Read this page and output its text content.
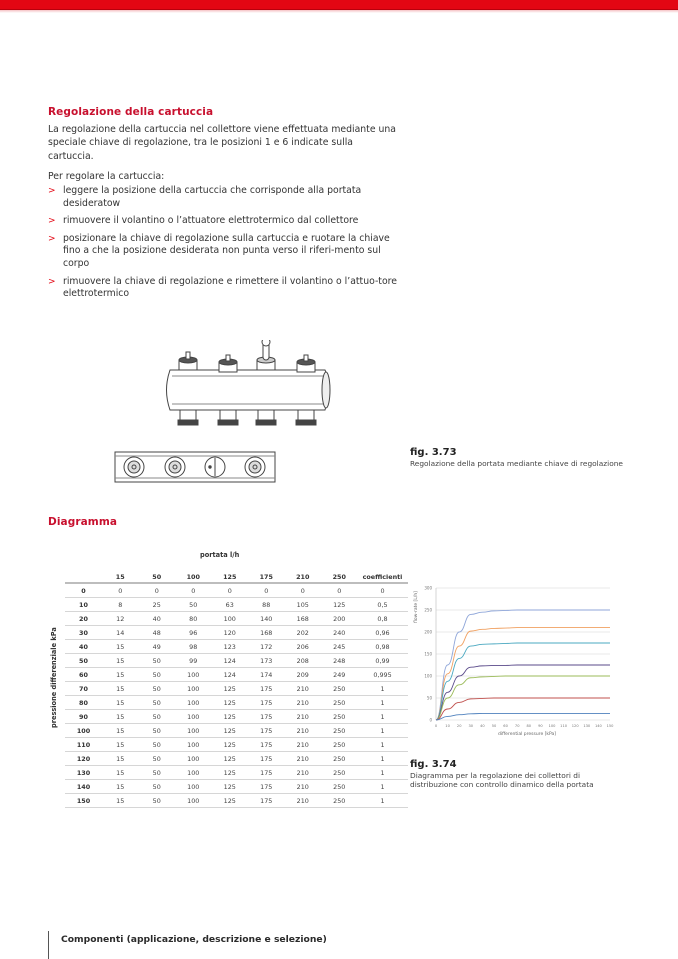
Regolazione della cartuccia

La regolazione della cartuccia nel collettore viene effettuata mediante una speciale chiave di regolazione, tra le posizioni 1 e 6 indicate sulla cartuccia.

Per regolare la cartuccia:

> leggere la posizione della cartuccia che corrisponde alla portata desideratow
> rimuovere il volantino o l’attuatore elettrotermico dal collettore
> posizionare la chiave di regolazione sulla cartuccia e ruotare la chiave fino a che la posizione desiderata non punta verso il riferi-mento sul corpo
> rimuovere la chiave di regolazione e rimettere il volantino o l’attuo-tore elettrotermico
fig. 3.73
Regolazione della portata mediante chiave di regolazione
Diagramma
portata l/h
pressione differenziale kPa
	15	50	100	125	175	210	250	coefficienti
0	0	0	0	0	0	0	0	0
10	8	25	50	63	88	105	125	0,5
20	12	40	80	100	140	168	200	0,8
30	14	48	96	120	168	202	240	0,96
40	15	49	98	123	172	206	245	0,98
50	15	50	99	124	173	208	248	0,99
60	15	50	100	124	174	209	249	0,995
70	15	50	100	125	175	210	250	1
80	15	50	100	125	175	210	250	1
90	15	50	100	125	175	210	250	1
100	15	50	100	125	175	210	250	1
110	15	50	100	125	175	210	250	1
120	15	50	100	125	175	210	250	1
130	15	50	100	125	175	210	250	1
140	15	50	100	125	175	210	250	1
150	15	50	100	125	175	210	250	1
0
50
100
150
200
250
300
0 10 20 30 40 50 60 70 80 90 100 110 120 130 140 150
flow-rate [L/h]
differential pressure [kPa]
fig. 3.74
Diagramma per la regolazione dei collettori di distribuzione con controllo dinamico della portata
Componenti (applicazione, descrizione e selezione)
